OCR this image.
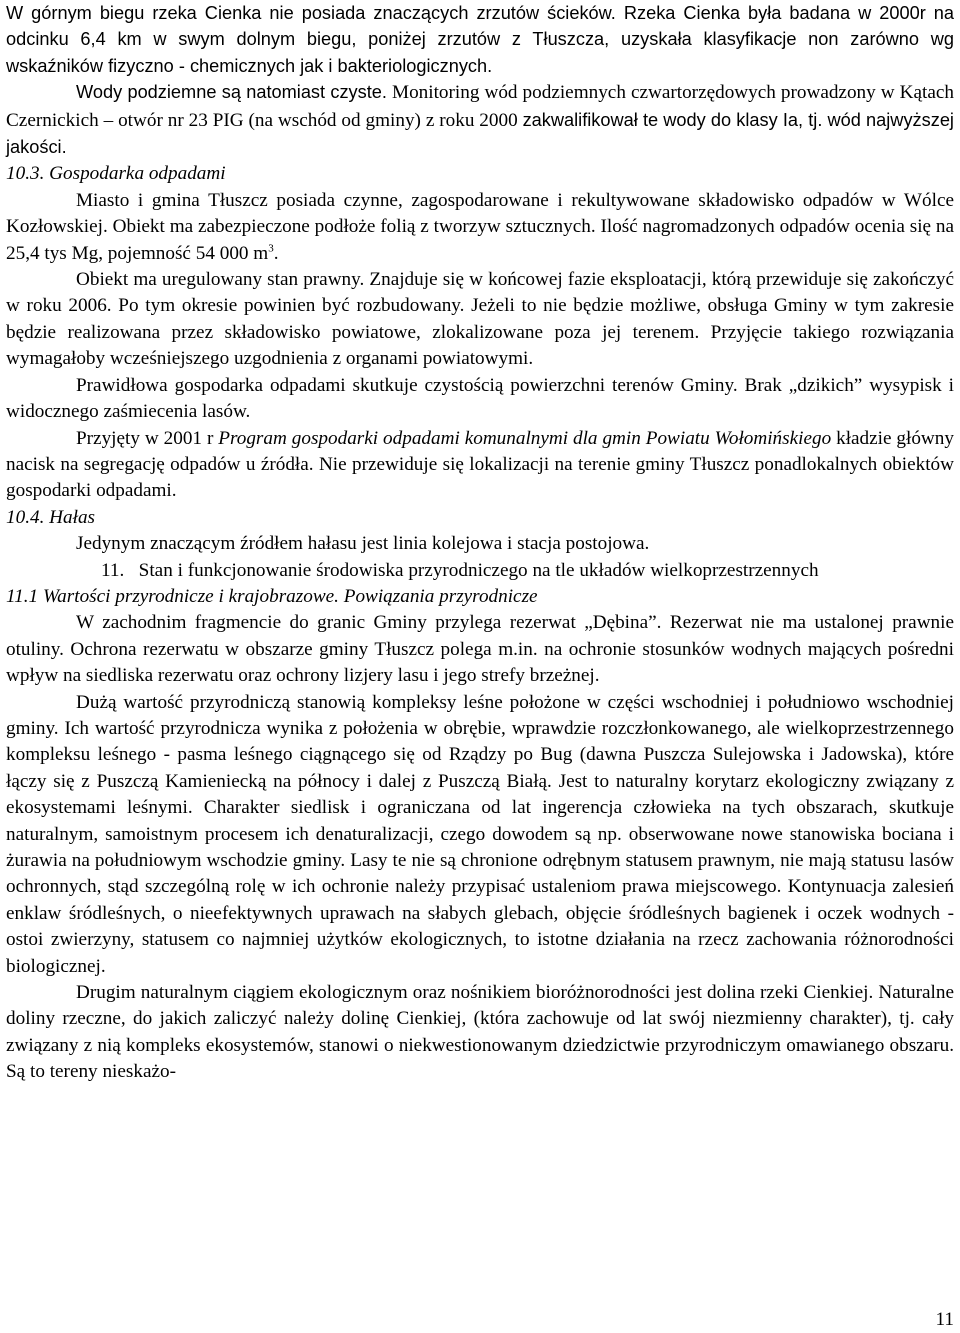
W górnym biegu rzeka Cienka nie posiada znaczących zrzutów ścieków. Rzeka Cienka była badana w 2000r na odcinku 6,4 km w swym dolnym biegu, poniżej zrzutów z Tłuszcza, uzyskała klasyfikacje non zarówno wg wskaźników fizyczno - chemicznych jak i bakteriologicznych.

Wody podziemne są natomiast czyste. Monitoring wód podziemnych czwartorzędowych prowadzony w Kątach Czernickich – otwór nr 23 PIG (na wschód od gminy) z roku 2000 zakwalifikował te wody do klasy Ia, tj. wód najwyższej jakości.

10.3. Gospodarka odpadami

Miasto i gmina Tłuszcz posiada czynne, zagospodarowane i rekultywowane składowisko odpadów w Wólce Kozłowskiej. Obiekt ma zabezpieczone podłoże folią z tworzyw sztucznych. Ilość nagromadzonych odpadów ocenia się na 25,4 tys Mg, pojemność 54 000 $m^3$.

Obiekt ma uregulowany stan prawny. Znajduje się w końcowej fazie eksploatacji, którą przewiduje się zakończyć w roku 2006. Po tym okresie powinien być rozbudowany. Jeżeli to nie będzie możliwe, obsługa Gminy w tym zakresie będzie realizowana przez składowisko powiatowe, zlokalizowane poza jej terenem. Przyjęcie takiego rozwiązania wymagałoby wcześniejszego uzgodnienia z organami powiatowymi.

Prawidłowa gospodarka odpadami skutkuje czystością powierzchni terenów Gminy. Brak „dzikich” wysypisk i widocznego zaśmiecenia lasów.

Przyjęty w 2001 r Program gospodarki odpadami komunalnymi dla gmin Powiatu Wołomińskiego kładzie główny nacisk na segregację odpadów u źródła. Nie przewiduje się lokalizacji na terenie gminy Tłuszcz ponadlokalnych obiektów gospodarki odpadami.

10.4. Hałas

Jedynym znaczącym źródłem hałasu jest linia kolejowa i stacja postojowa.

11. Stan i funkcjonowanie środowiska przyrodniczego na tle układów wielkoprzestrzennych

11.1 Wartości przyrodnicze i krajobrazowe. Powiązania przyrodnicze

W zachodnim fragmencie do granic Gminy przylega rezerwat „Dębina”. Rezerwat nie ma ustalonej prawnie otuliny. Ochrona rezerwatu w obszarze gminy Tłuszcz polega m.in. na ochronie stosunków wodnych mających pośredni wpływ na siedliska rezerwatu oraz ochrony lizjery lasu i jego strefy brzeżnej.

Dużą wartość przyrodniczą stanowią kompleksy leśne położone w części wschodniej i południowo wschodniej gminy. Ich wartość przyrodnicza wynika z położenia w obrębie, wprawdzie rozczłonkowanego, ale wielkoprzestrzennego kompleksu leśnego - pasma leśnego ciągnącego się od Rządzy po Bug (dawna Puszcza Sulejowska i Jadowska), które łączy się z Puszczą Kamieniecką na północy i dalej z Puszczą Białą. Jest to naturalny korytarz ekologiczny związany z ekosystemami leśnymi. Charakter siedlisk i ograniczana od lat ingerencja człowieka na tych obszarach, skutkuje naturalnym, samoistnym procesem ich denaturalizacji, czego dowodem są np. obserwowane nowe stanowiska bociana i żurawia na południowym wschodzie gminy. Lasy te nie są chronione odrębnym statusem prawnym, nie mają statusu lasów ochronnych, stąd szczególną rolę w ich ochronie należy przypisać ustaleniom prawa miejscowego. Kontynuacja zalesień enklaw śródleśnych, o nieefektywnych uprawach na słabych glebach, objęcie śródleśnych bagienek i oczek wodnych - ostoi zwierzyny, statusem co najmniej użytków ekologicznych, to istotne działania na rzecz zachowania różnorodności biologicznej.

Drugim naturalnym ciągiem ekologicznym oraz nośnikiem bioróżnorodności jest dolina rzeki Cienkiej. Naturalne doliny rzeczne, do jakich zaliczyć należy dolinę Cienkiej, (która zachowuje od lat swój niezmienny charakter), tj. cały związany z nią kompleks ekosystemów, stanowi o niekwestionowanym dziedzictwie przyrodniczym omawianego obszaru. Są to tereny nieskażo-

11
